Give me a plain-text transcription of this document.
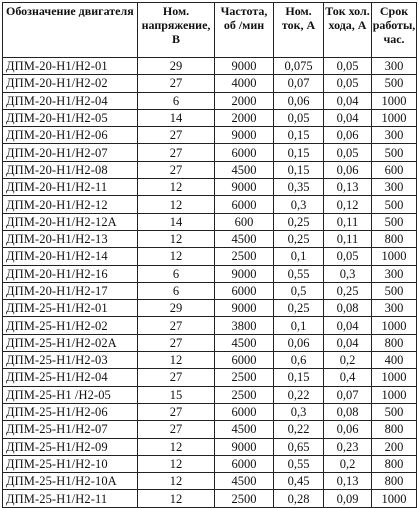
Обозначение двигателя	Ном. напряжение, В	Частота, об /мин	Ном. ток, А	Ток хол. хода, А	Срок работы, час.
ДПМ-20-Н1/Н2-01	29	9000	0,075	0,05	300
ДПМ-20-Н1/Н2-02	27	4000	0,07	0,05	500
ДПМ-20-Н1/Н2-04	6	2000	0,06	0,04	1000
ДПМ-20-Н1/Н2-05	14	2000	0,05	0,04	1000
ДПМ-20-Н1/Н2-06	27	9000	0,15	0,06	300
ДПМ-20-Н1/Н2-07	27	6000	0,15	0,05	500
ДПМ-20-Н1/Н2-08	27	4500	0,15	0,06	600
ДПМ-20-Н1/Н2-11	12	9000	0,35	0,13	300
ДПМ-20-Н1/Н2-12	12	6000	0,3	0,12	500
ДПМ-20-Н1/Н2-12А	14	600	0,25	0,11	500
ДПМ-20-Н1/Н2-13	12	4500	0,25	0,11	800
ДПМ-20-Н1/Н2-14	12	2500	0,1	0,05	1000
ДПМ-20-Н1/Н2-16	6	9000	0,55	0,3	300
ДПМ-20-Н1/Н2-17	6	6000	0,5	0,25	500
ДПМ-25-Н1/Н2-01	29	9000	0,25	0,08	300
ДПМ-25-Н1/Н2-02	27	3800	0,1	0,04	1000
ДПМ-25-Н1/Н2-02А	27	4500	0,06	0,04	800
ДПМ-25-Н1/Н2-03	12	6000	0,6	0,2	400
ДПМ-25-Н1/Н2-04	27	2500	0,15	0,4	1000
ДПМ-25-Н1 /Н2-05	15	2500	0,22	0,07	1000
ДПМ-25-Н1/Н2-06	27	6000	0,3	0,08	500
ДПМ-25-Н1/Н2-07	27	4500	0,22	0,06	800
ДПМ-25-Н1/Н2-09	12	9000	0,65	0,23	200
ДПМ-25-Н1/Н2-10	12	6000	0,55	0,2	800
ДПМ-25-Н1/Н2-10А	12	4500	0,45	0,13	800
ДПМ-25-Н1/Н2-11	12	2500	0,28	0,09	1000
